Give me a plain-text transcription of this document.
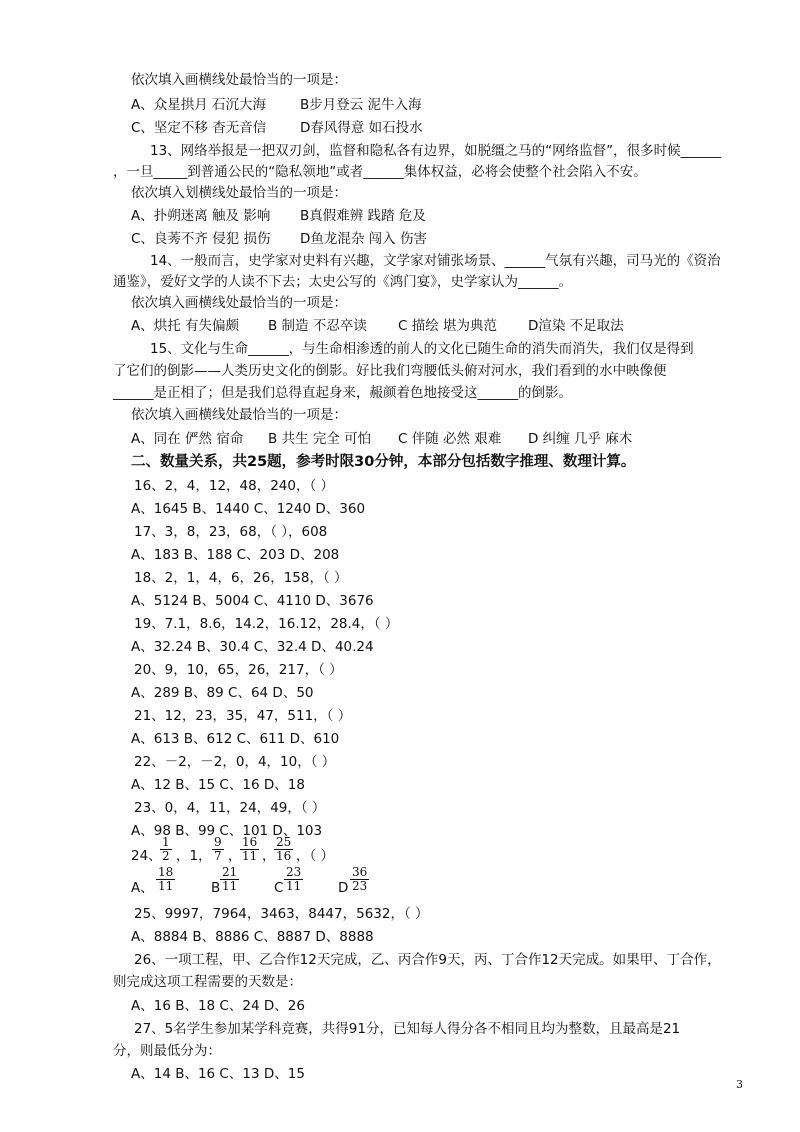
依次填入画横线处最恰当的一项是：
A、众星拱月 石沉大海	B步月登云 泥牛入海
C、坚定不移 杳无音信	D春风得意 如石投水
13、网络举报是一把双刃剑，监督和隐私各有边界，如脱缰之马的“网络监督”，很多时候______
，一旦_____到普通公民的“隐私领地”或者______集体权益，必将会使整个社会陷入不安。
依次填入划横线处最恰当的一项是：
A、扑朔迷离 触及 影响 B真假难辨 践踏 危及
C、良莠不齐 侵犯 损伤 D鱼龙混杂 闯入 伤害
14、一般而言，史学家对史料有兴趣，文学家对铺张场景、______气氛有兴趣，司马光的《资治
通鉴》，爱好文学的人读不下去；太史公写的《鸿门宴》，史学家认为______。
依次填入画横线处最恰当的一项是：
A、烘托 有失偏颇 B 制造 不忍卒读 C 描绘 堪为典范 D渲染 不足取法
15、文化与生命______，与生命相渗透的前人的文化已随生命的消失而消失，我们仅是得到
了它们的倒影——人类历史文化的倒影。好比我们弯腰低头俯对河水，我们看到的水中映像便
______是正相了；但是我们总得直起身来，赧颜着色地接受这______的倒影。
依次填入画横线处最恰当的一项是：
A、同在 俨然 宿命 B 共生 完全 可怕 C 伴随 必然 艰难 D 纠缠 几乎 麻木
二、数量关系，共25题，参考时限30分钟，本部分包括数字推理、数理计算。
16、2，4，12，48，240，（ ）
A、1645 B、1440 C、1240 D、360
17、3，8，23，68，（ ），608
A、183 B、188 C、203 D、208
18、2，1，4，6，26，158，（ ）
A、5124 B、5004 C、4110 D、3676
19、7.1，8.6，14.2，16.12，28.4，（ ）
A、32.24 B、30.4 C、32.4 D、40.24
20、9，10，65，26，217，（ ）
A、289 B、89 C、64 D、50
21、12，23，35，47，511，（ ）
A、613 B、612 C、611 D、610
22、－2，－2，0，4，10，（ ）
A、12 B、15 C、16 D、18
23、0，4，11，24，49，（ ）
A、98 B、99 C、101 D、103
24、
$\frac{1}{2}$ ，1， $\frac{9}{7}$ ，
$\frac{16}{11}$ ，
$\frac{25}{16}$ ，（ ）
A、 $\frac{18}{11}$	B $\frac{21}{11}$	C $\frac{23}{11}$	D $\frac{36}{23}$
25、9997，7964，3463，8447，5632，（ ）
A、8884 B、8886 C、8887 D、8888
26、一项工程，甲、乙合作12天完成，乙、丙合作9天，丙、丁合作12天完成。如果甲、丁合作，
则完成这项工程需要的天数是：
A、16 B、18 C、24 D、26
27、5名学生参加某学科竞赛，共得91分，已知每人得分各不相同且均为整数，且最高是21
分，则最低分为：
A、14 B、16 C、13 D、15
3
